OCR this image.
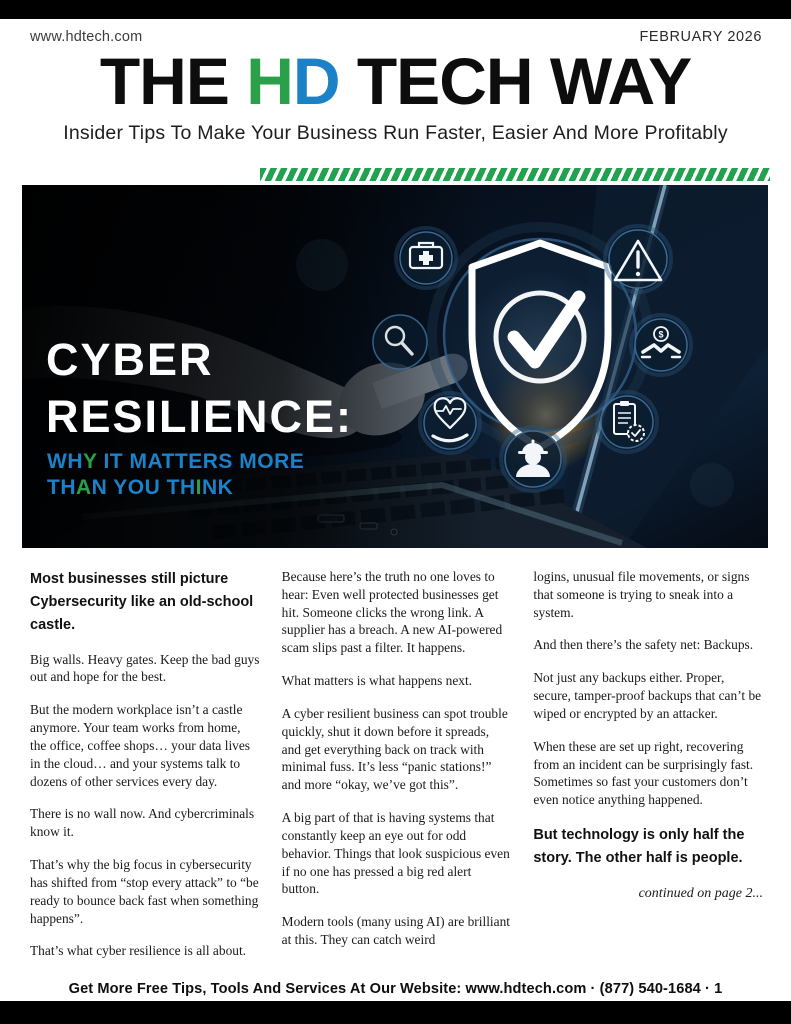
www.hdtech.com	FEBRUARY 2026
THE HD TECH WAY
Insider Tips To Make Your Business Run Faster, Easier And More Profitably
$
CYBER
RESILIENCE:
WHY IT MATTERS MORE
THAN YOU THINK

Most businesses still picture Cybersecurity like an old-school castle.

Big walls. Heavy gates. Keep the bad guys out and hope for the best.

But the modern workplace isn’t a castle anymore. Your team works from home, the office, coffee shops… your data lives in the cloud… and your systems talk to dozens of other services every day.

There is no wall now. And cybercriminals know it.

That’s why the big focus in cybersecurity has shifted from “stop every attack” to “be ready to bounce back fast when something happens”.

That’s what cyber resilience is all about.

Because here’s the truth no one loves to hear: Even well protected businesses get hit. Someone clicks the wrong link. A supplier has a breach. A new AI-powered scam slips past a filter. It happens.

What matters is what happens next.

A cyber resilient business can spot trouble quickly, shut it down before it spreads, and get everything back on track with minimal fuss. It’s less “panic stations!” and more “okay, we’ve got this”.

A big part of that is having systems that constantly keep an eye out for odd behavior. Things that look suspicious even if no one has pressed a big red alert button.

Modern tools (many using AI) are brilliant at this. They can catch weird

logins, unusual file movements, or signs that someone is trying to sneak into a system.

And then there’s the safety net: Backups.

Not just any backups either. Proper, secure, tamper-proof backups that can’t be wiped or encrypted by an attacker.

When these are set up right, recovering from an incident can be surprisingly fast. Sometimes so fast your customers don’t even notice anything happened.

But technology is only half the story. The other half is people.

continued on page 2...
Get More Free Tips, Tools And Services At Our Website: www.hdtech.com · (877) 540-1684 · 1
